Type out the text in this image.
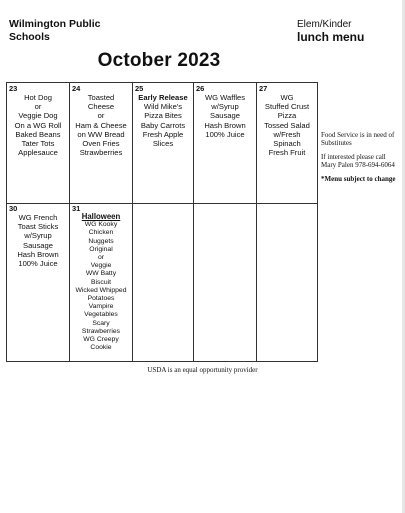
Wilmington Public
Schools
Elem/Kinder
lunch menu
October 2023
23
Hot Dog
or
Veggie Dog
On a WG Roll
Baked Beans
Tater Tots
Applesauce
24
Toasted
Cheese
or
Ham & Cheese
on WW Bread
Oven Fries
Strawberries
25
Early Release
Wild Mike's
Pizza Bites
Baby Carrots
Fresh Apple
Slices
26
WG Waffles
w/Syrup
Sausage
Hash Brown
100% Juice
27
WG
Stuffed Crust
Pizza
Tossed Salad
w/Fresh
Spinach
Fresh Fruit
30
WG French
Toast Sticks
w/Syrup
Sausage
Hash Brown
100% Juice
31
Halloween
WG Kooky
Chicken
Nuggets
Original
or
Veggie
WW Batty
Biscuit
Wicked Whipped
Potatoes
Vampire
Vegetables
Scary
Strawberries
WG Creepy
Cookie

Food Service is in need of Substitutes

If interested please call Mary Palen 978-694-6064

*Menu subject to change

USDA is an equal opportunity provider
